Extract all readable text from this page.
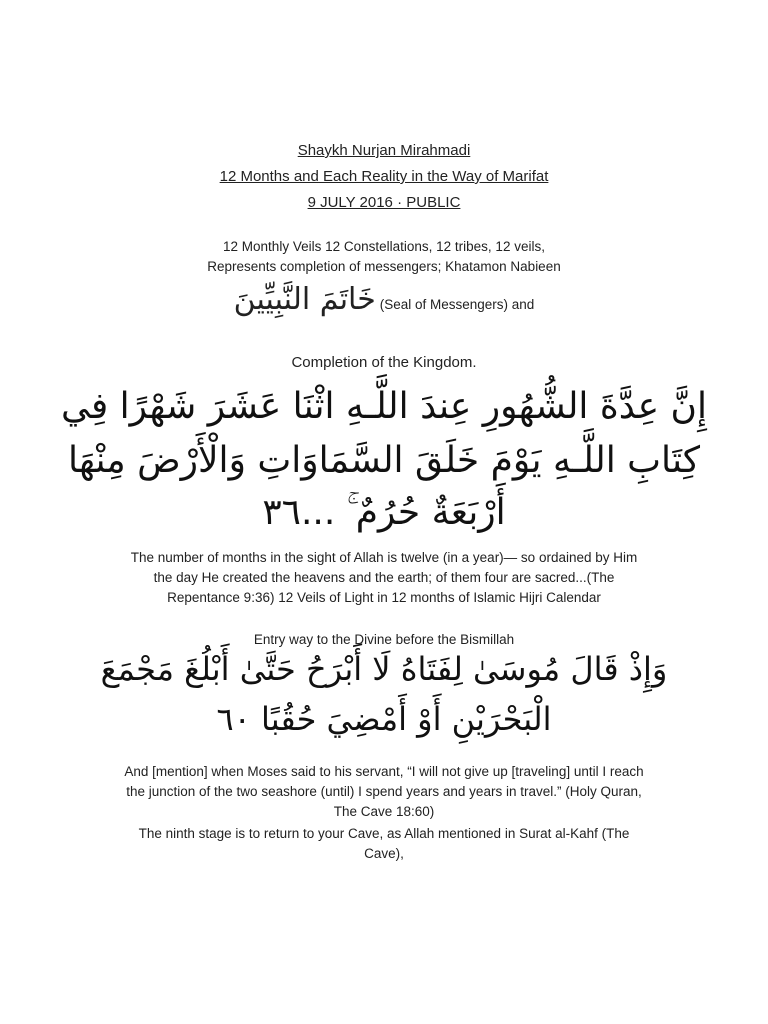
Shaykh Nurjan Mirahmadi
12 Months and Each Reality in the Way of Marifat
9 JULY 2016 · PUBLIC
12 Monthly Veils 12 Constellations, 12 tribes, 12 veils,
Represents completion of messengers; Khatamon Nabieen
خَاتَمَ النَّبِيِّينَ (Seal of Messengers) and
Completion of the Kingdom.
إِنَّ عِدَّةَ الشُّهُورِ عِندَ اللَّـهِ اثْنَا عَشَرَ شَهْرًا فِي
كِتَابِ اللَّـهِ يَوْمَ خَلَقَ السَّمَاوَاتِ وَالْأَرْضَ مِنْهَا
أَرْبَعَةٌ حُرُمٌ ۚ ...٣٦
The number of months in the sight of Allah is twelve (in a year)— so ordained by Him
the day He created the heavens and the earth; of them four are sacred...(The
Repentance 9:36) 12 Veils of Light in 12 months of Islamic Hijri Calendar
Entry way to the Divine before the Bismillah
وَإِذْ قَالَ مُوسَىٰ لِفَتَاهُ لَا أَبْرَحُ حَتَّىٰ أَبْلُغَ مَجْمَعَ
الْبَحْرَيْنِ أَوْ أَمْضِيَ حُقُبًا ٦٠
And [mention] when Moses said to his servant, “I will not give up [traveling] until I reach
the junction of the two seashore (until) I spend years and years in travel.” (Holy Quran,
The Cave 18:60)
The ninth stage is to return to your Cave, as Allah mentioned in Surat al-Kahf (The
Cave),
